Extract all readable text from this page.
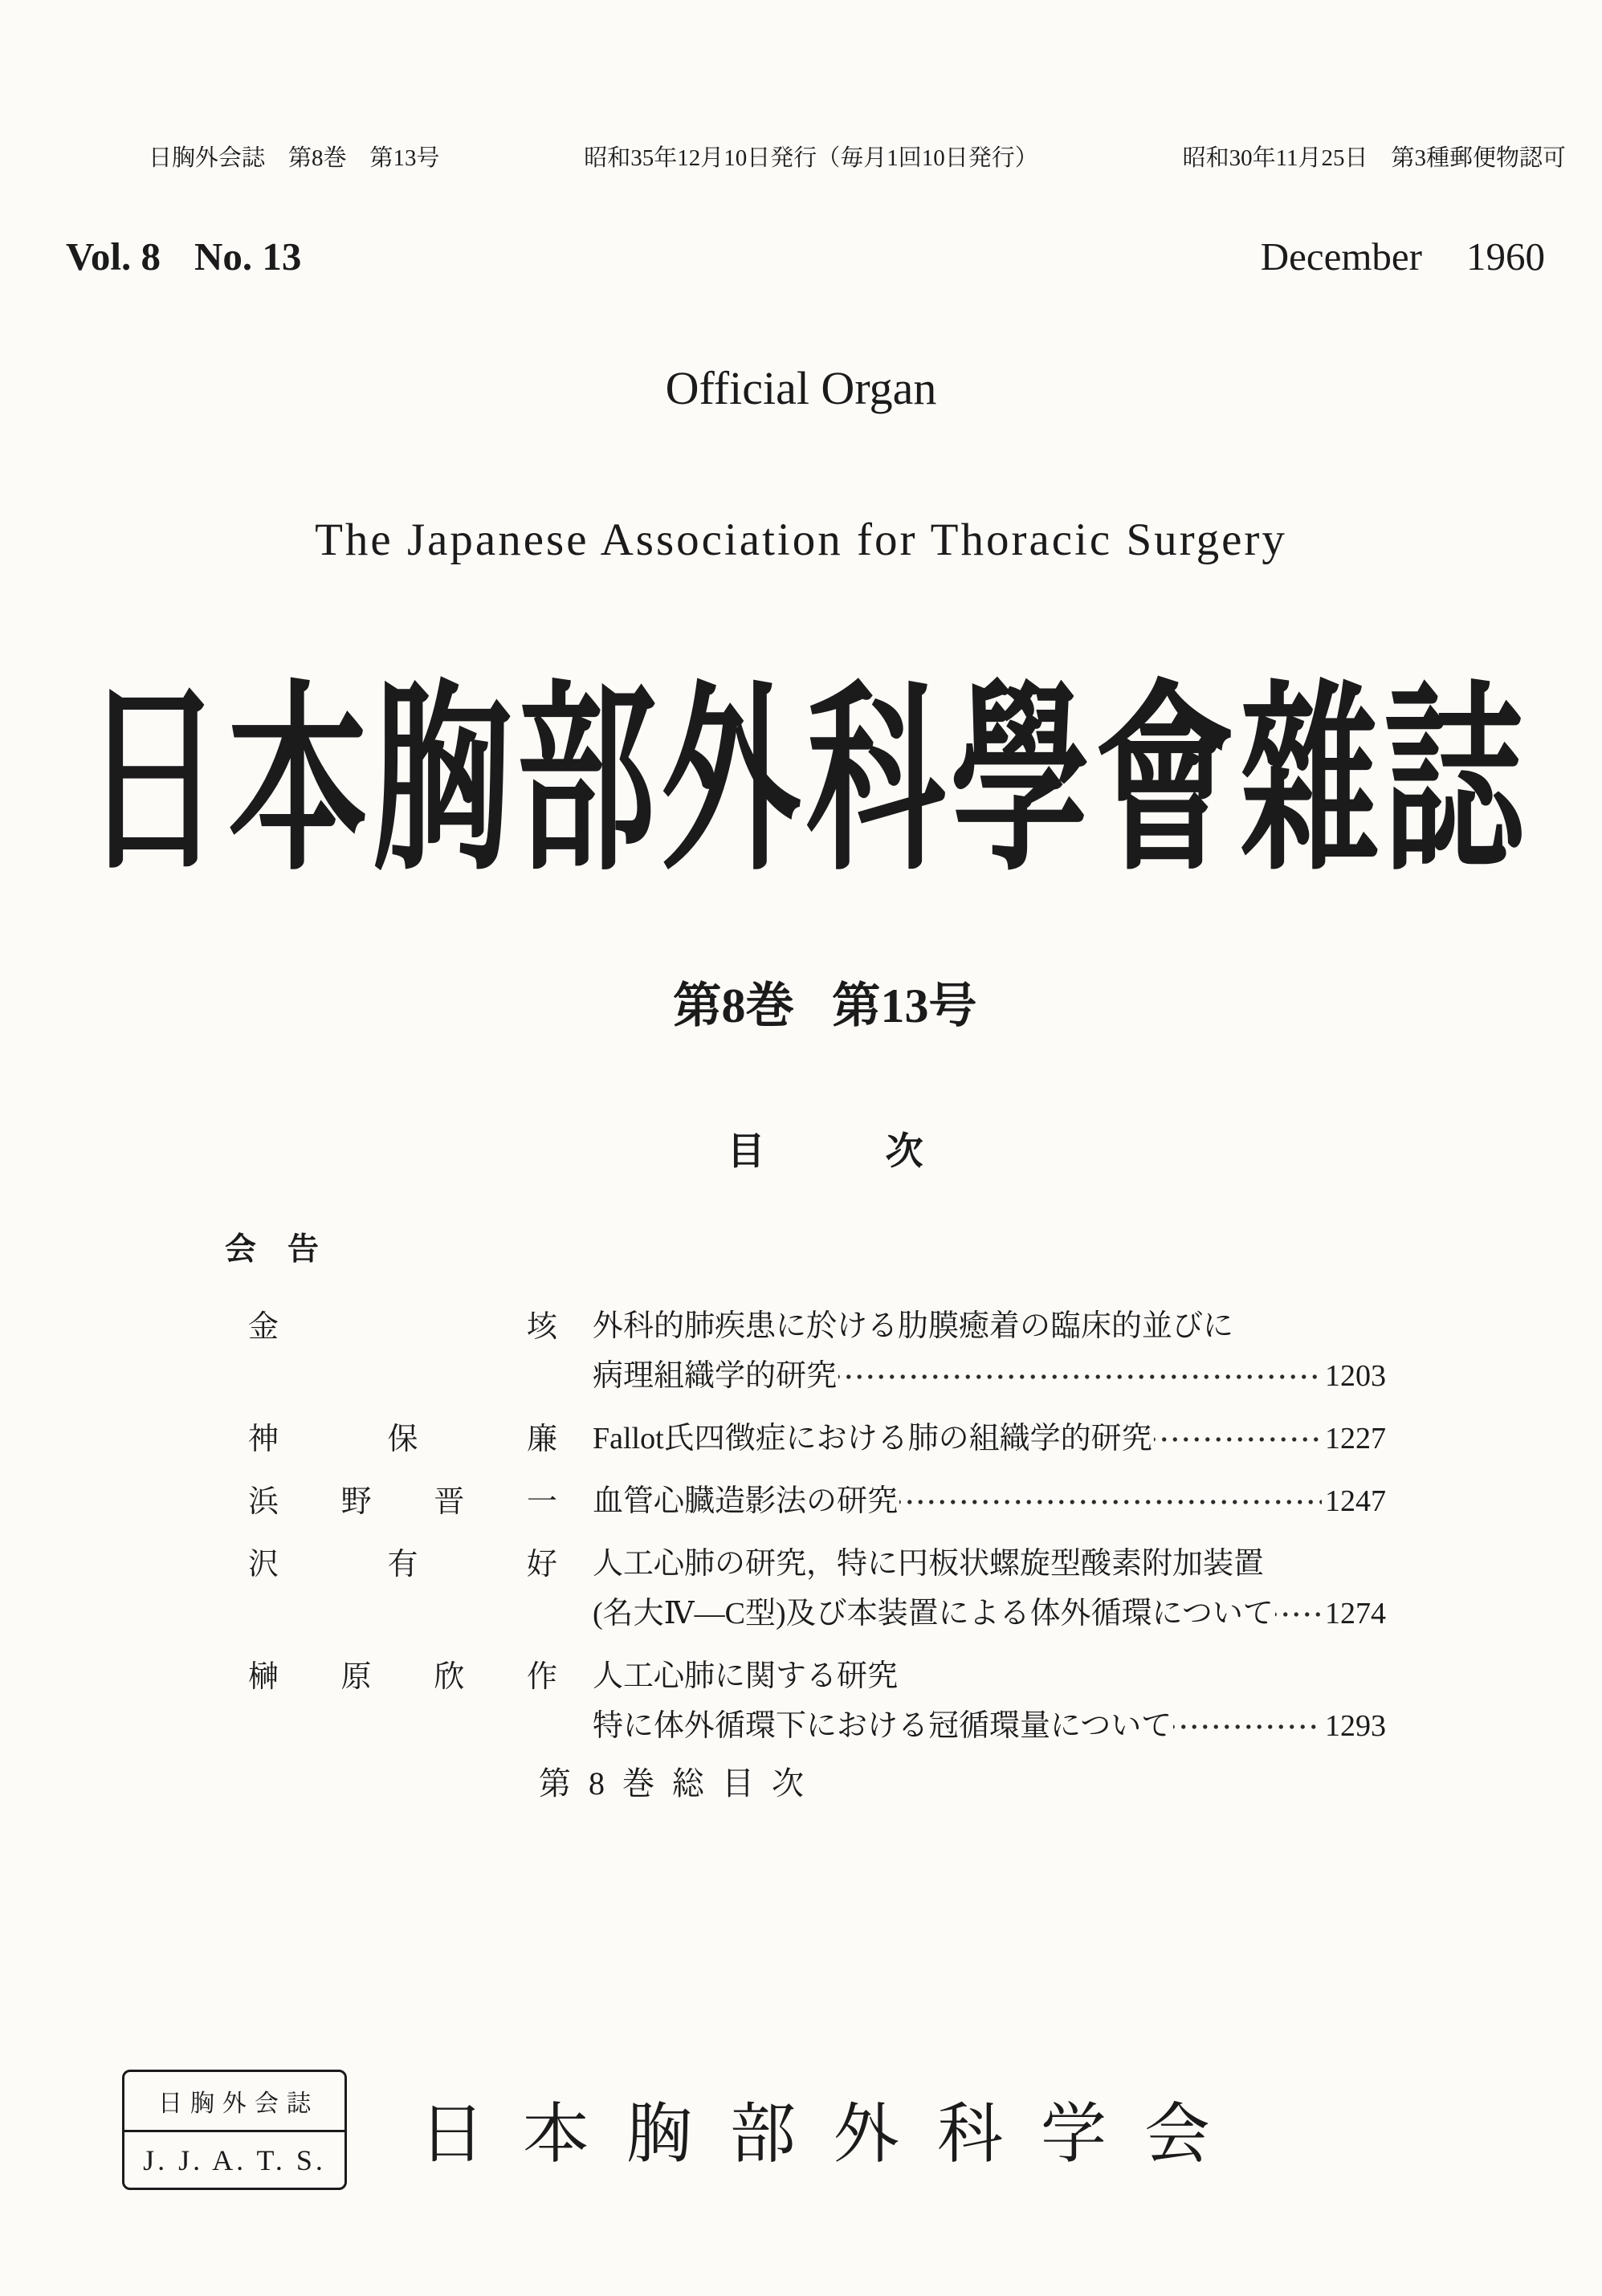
日胸外会誌　第8巻　第13号	昭和35年12月10日発行（毎月1回10日発行）	昭和30年11月25日　第3種郵便物認可
Vol. 8 No. 13	December 1960
Official Organ
The Japanese Association for Thoracic Surgery
日本胸部外科學會雜誌
第8巻 第13号
目	次
会　告
金垓 外科的肺疾患に於ける肋膜癒着の臨床的並びに
病理組織学的研究	1203
神保廉 Fallot氏四徴症における肺の組織学的研究	1227
浜野晋一 血管心臓造影法の研究	1247
沢有好 人工心肺の研究，特に円板状螺旋型酸素附加装置
(名大Ⅳ—C型)及び本装置による体外循環について 1274
榊原欣作 人工心肺に関する研究
特に体外循環下における冠循環量について	1293
第8巻総目次
日胸外会誌
J. J. A. T. S. 日本胸部外科学会
